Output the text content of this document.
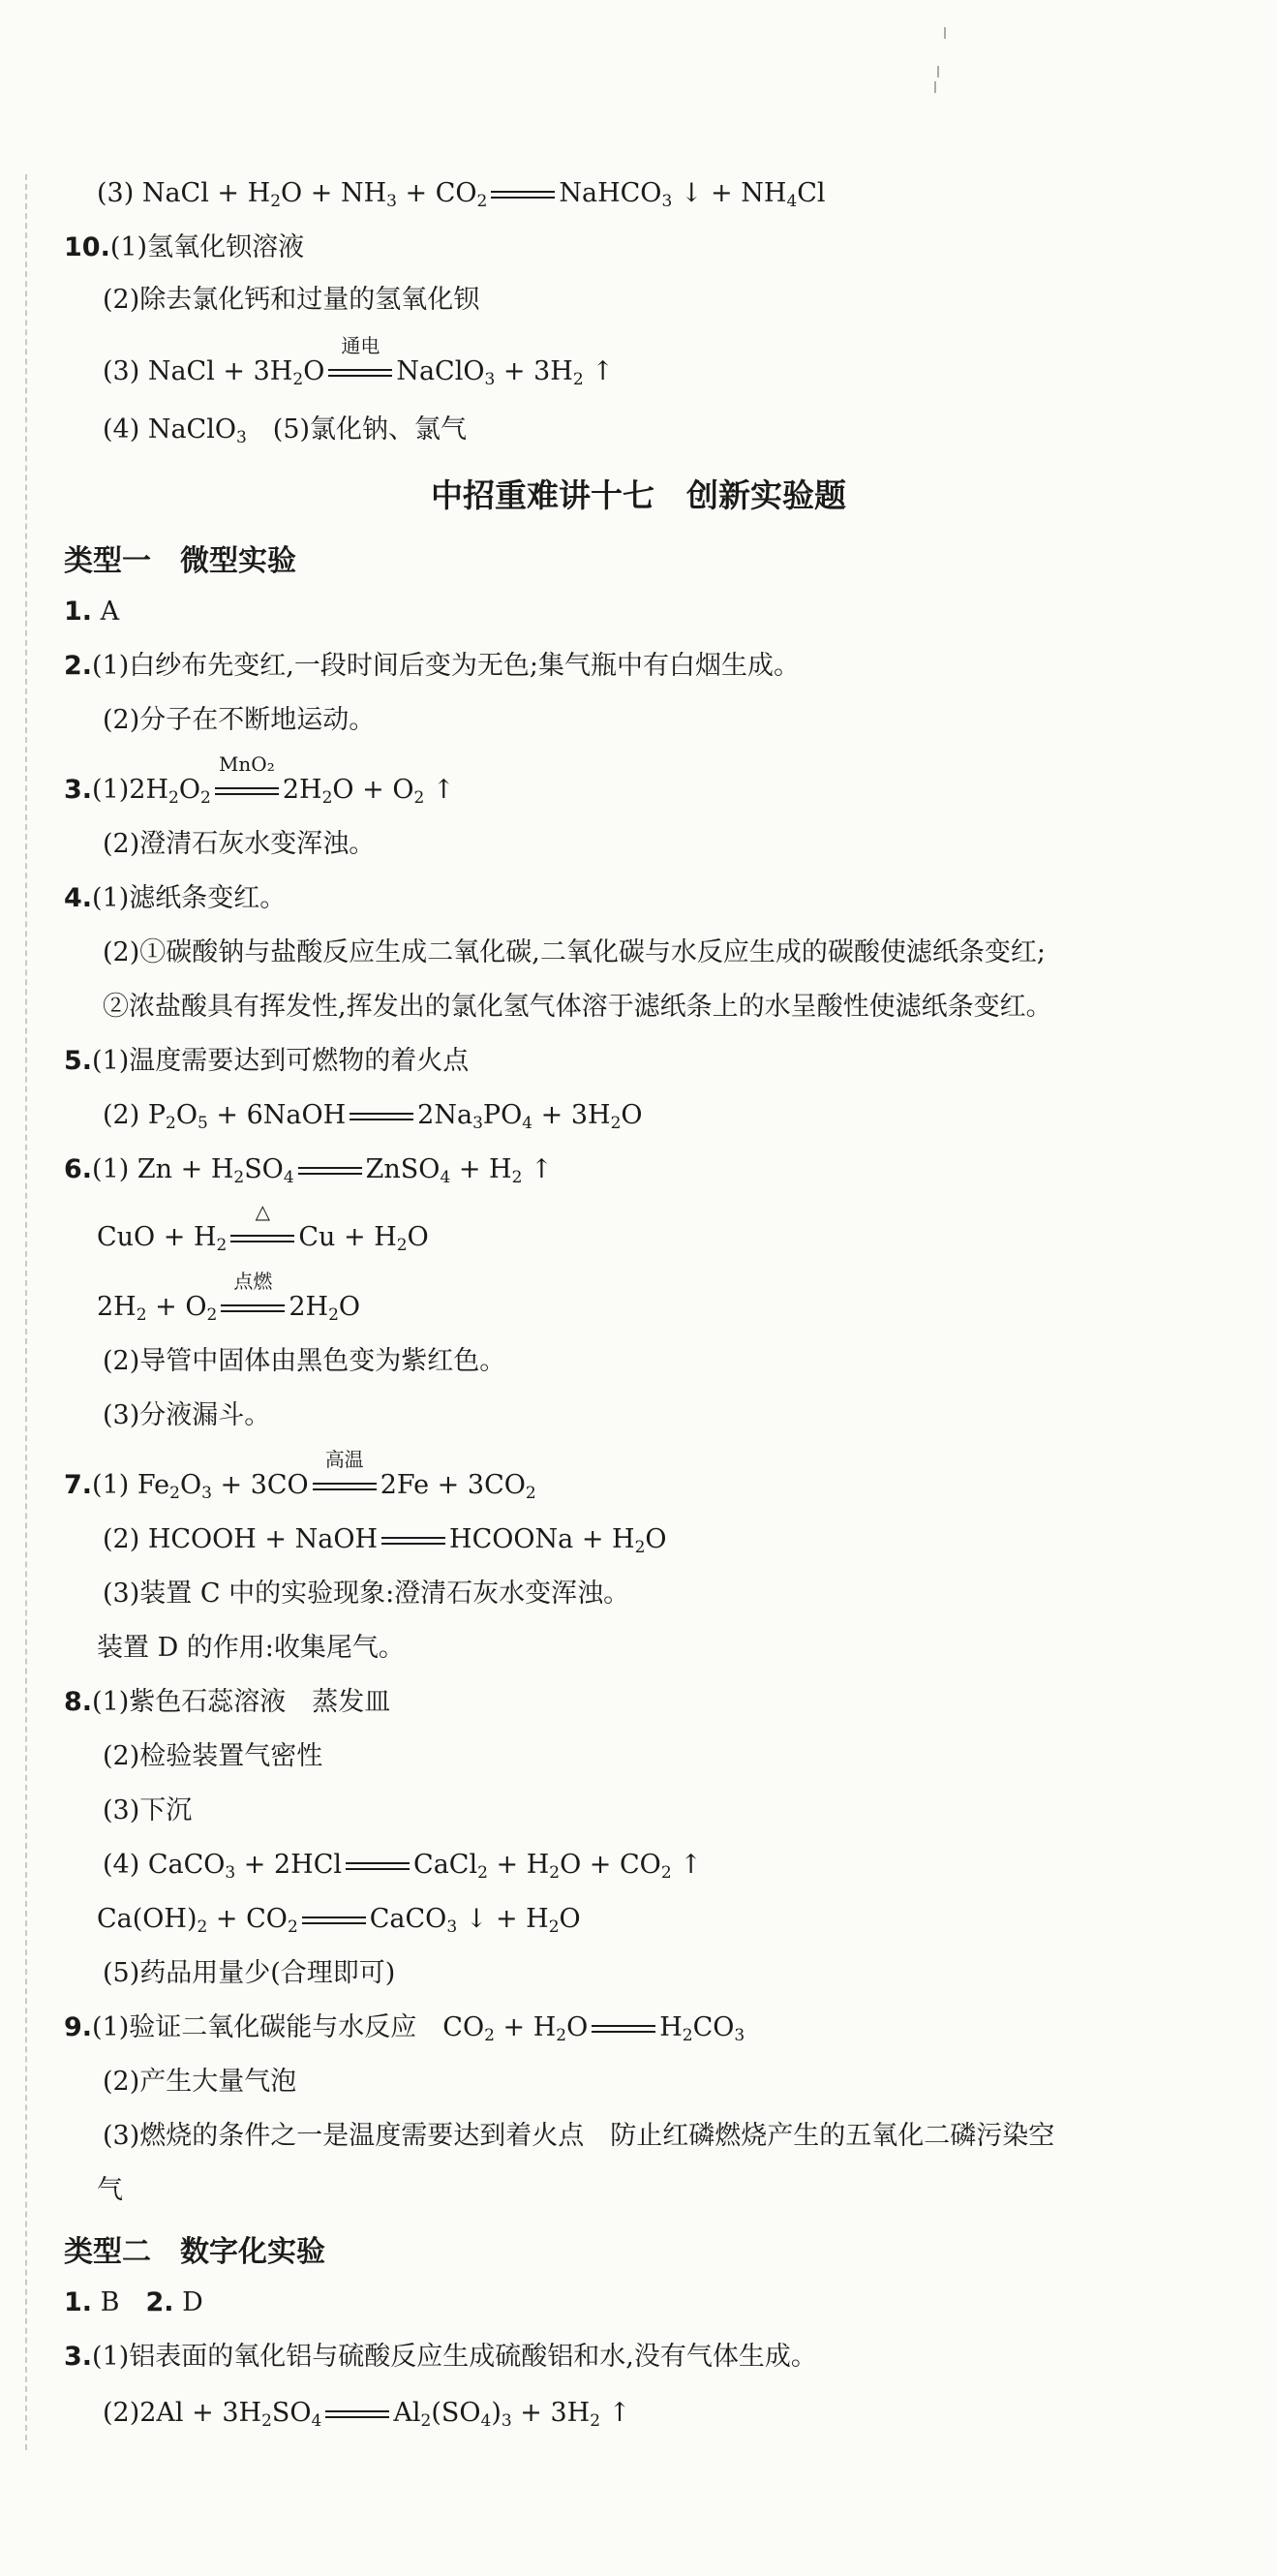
(3) NaCl + $H_2O + NH_3 + CO_2$	NaHCO$_3$ ↓ + $NH_4Cl$
10.(1)氢氧化钡溶液
(2)除去氯化钙和过量的氢氧化钡
(3) NaCl + $3H_2O$
通电
NaClO$_3$ + $3H_2$ ↑
(4) NaClO$_3$　(5)氯化钠、氯气
中招重难讲十七　创新实验题
类型一　微型实验
1. A
2.(1)白纱布先变红,一段时间后变为无色;集气瓶中有白烟生成。
(2)分子在不断地运动。
$3.(1)2H_2O_2$
MnO₂
$2H_2O + O_2$ ↑
(2)澄清石灰水变浑浊。
4.(1)滤纸条变红。
(2)①碳酸钠与盐酸反应生成二氧化碳,二氧化碳与水反应生成的碳酸使滤纸条变红;
②浓盐酸具有挥发性,挥发出的氯化氢气体溶于滤纸条上的水呈酸性使滤纸条变红。
5.(1)温度需要达到可燃物的着火点
(2) $P_2O_5$ + 6NaOH	$2Na_3PO_4 + 3H_2O$
6.(1) $Zn + H_2SO_4$	ZnSO$_4$ + $H_2$ ↑
CuO + $H_2$
△
$Cu + H_2O$
$2H_2 + O_2$
点燃
$2H_2O$
(2)导管中固体由黑色变为紫红色。
(3)分液漏斗。
7.(1) $Fe_2O_3 + 3CO$
高温
$2Fe + 3CO_2$
(2) HCOOH + NaOH	HCOONa + $H_2O$
(3)装置 C 中的实验现象:澄清石灰水变浑浊。
装置 D 的作用:收集尾气。
8.(1)紫色石蕊溶液　蒸发皿
(2)检验装置气密性
(3)下沉
(4) CaCO$_3$ + 2HCl	CaCl$_2$ + $H_2O + CO_2$ ↑
$Ca(OH)_2 + CO_2$	CaCO$_3$ ↓ + $H_2O$
(5)药品用量少(合理即可)
9.(1)验证二氧化碳能与水反应　$CO_2 + H_2O$	$H_2CO_3$
(2)产生大量气泡
(3)燃烧的条件之一是温度需要达到着火点　防止红磷燃烧产生的五氧化二磷污染空
气
类型二　数字化实验
1. B　 2. D
3.(1)铝表面的氧化铝与硫酸反应生成硫酸铝和水,没有气体生成。
$(2)2Al + 3H_2SO_4$	$Al_2(SO_4)_3 + 3H_2$ ↑
